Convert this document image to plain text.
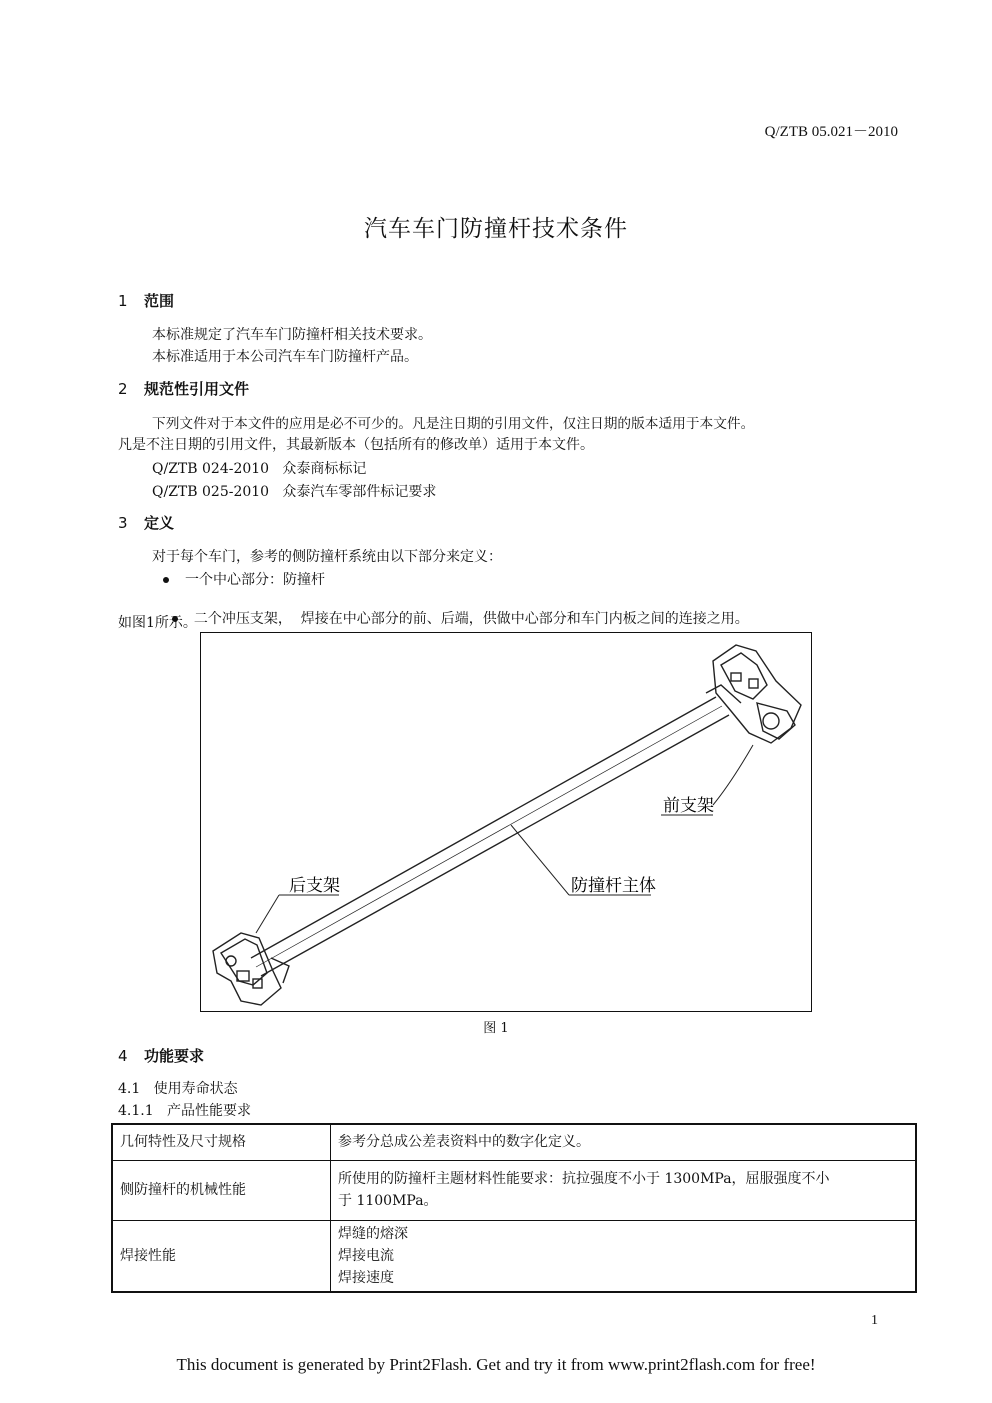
Q/ZTB 05.021－2010
汽车车门防撞杆技术条件
1 范围
本标准规定了汽车车门防撞杆相关技术要求。
本标准适用于本公司汽车车门防撞杆产品。
2 规范性引用文件
下列文件对于本文件的应用是必不可少的。凡是注日期的引用文件，仅注日期的版本适用于本文件。
凡是不注日期的引用文件，其最新版本（包括所有的修改单）适用于本文件。
Q/ZTB 024-2010   众泰商标标记
Q/ZTB 025-2010   众泰汽车零部件标记要求
3 定义
对于每个车门，参考的侧防撞杆系统由以下部分来定义：
一个中心部分：防撞杆

二个冲压支架，  焊接在中心部分的前、后端，供做中心部分和车门内板之间的连接之用。

如图1所示。
后支架	防撞杆主体
前支架
图 1
4 功能要求
4.1   使用寿命状态
4.1.1   产品性能要求
几何特性及尺寸规格	参考分总成公差表资料中的数字化定义。

侧防撞杆的机械性能	所使用的防撞杆主题材料性能要求：抗拉强度不小于 1300MPa，屈服强度不小
于 1100MPa。

焊接性能	焊缝的熔深
焊接电流
焊接速度
1
This document is generated by Print2Flash. Get and try it from www.print2flash.com for free!
